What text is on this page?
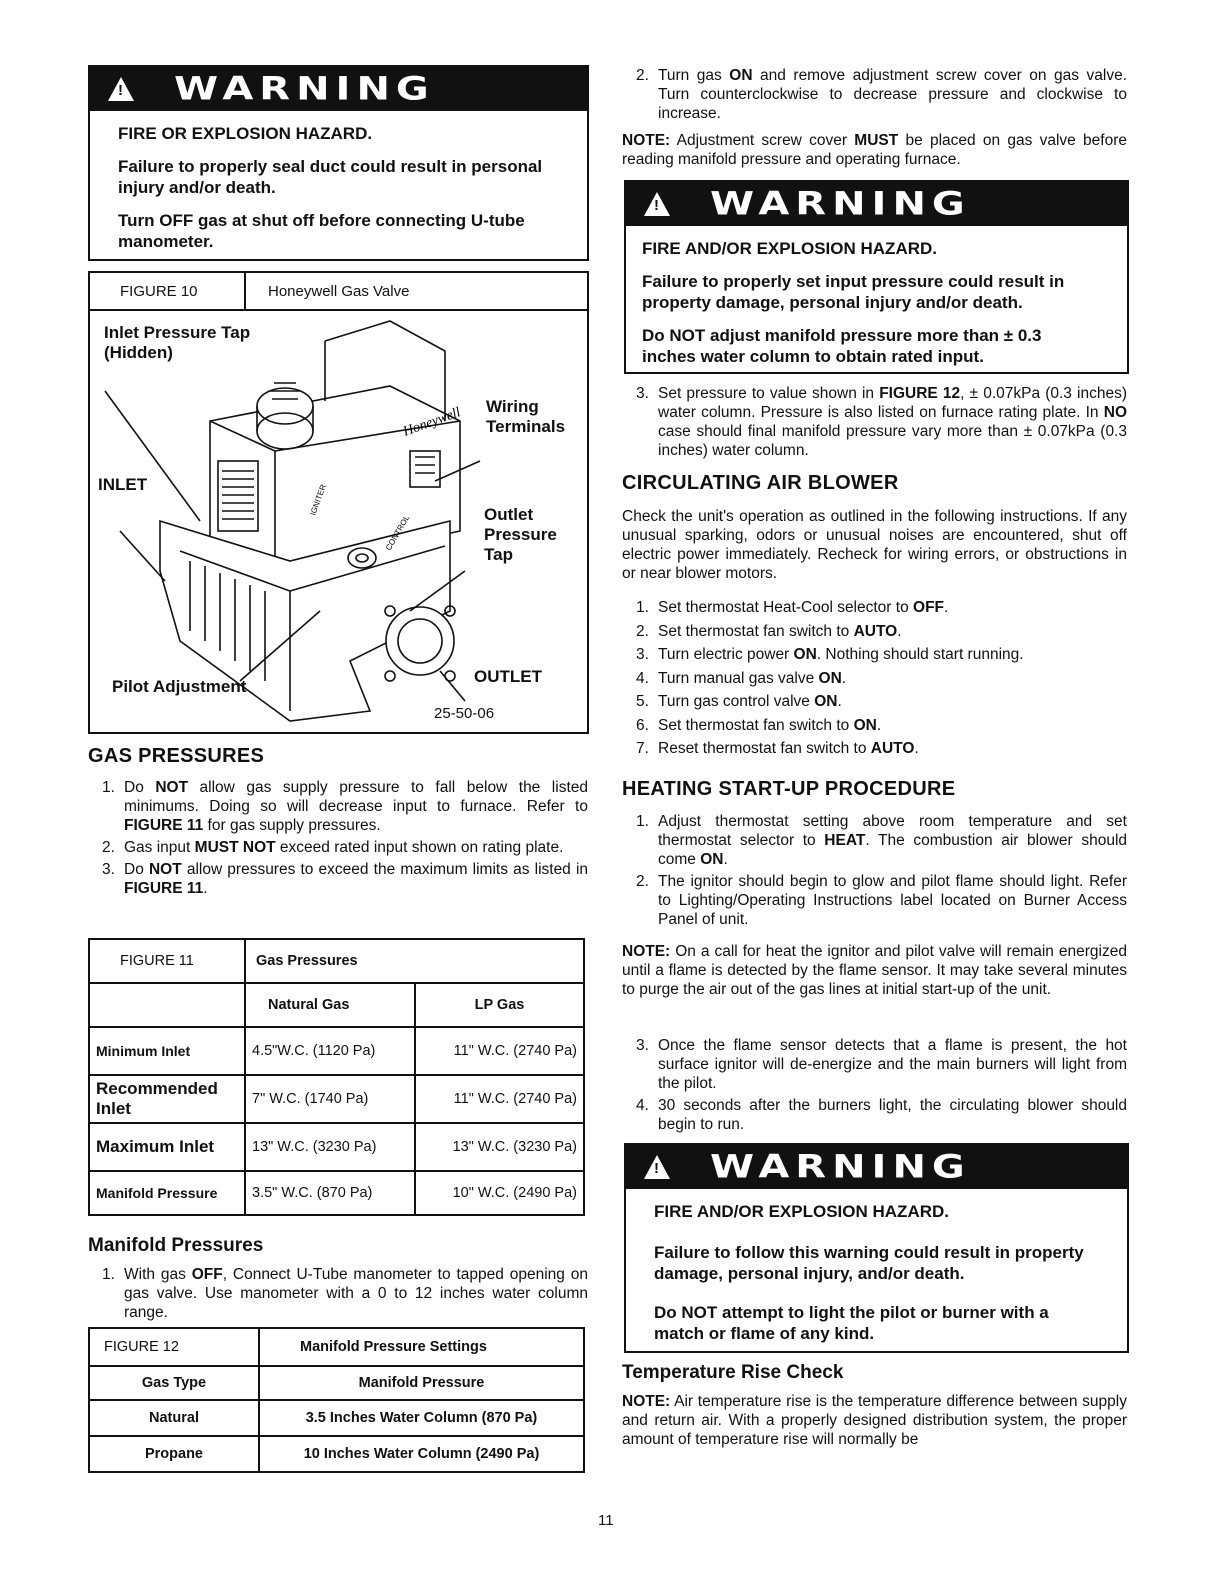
! WARNING

FIRE OR EXPLOSION HAZARD.

Failure to properly seal duct could result in personal injury and/or death.

Turn OFF gas at shut off before connecting U-tube manometer.

FIGURE 10	Honeywell Gas Valve
Honeywell
IGNITER
CONTROL
Inlet Pressure Tap (Hidden)
Wiring Terminals
INLET
Outlet Pressure Tap
OUTLET
Pilot Adjustment
25-50-06
GAS PRESSURES
1. Do NOT allow gas supply pressure to fall below the listed minimums. Doing so will decrease input to furnace. Refer to FIGURE 11 for gas supply pressures.
2. Gas input MUST NOT exceed rated input shown on rating plate.
3. Do NOT allow pressures to exceed the maximum limits as listed in FIGURE 11.
FIGURE 11	Gas Pressures	
	Natural Gas	LP Gas
Minimum Inlet	4.5"W.C. (1120 Pa)	11" W.C. (2740 Pa)
Recommended Inlet	7" W.C. (1740 Pa)	11" W.C. (2740 Pa)
Maximum Inlet	13" W.C. (3230 Pa)	13" W.C. (3230 Pa)
Manifold Pressure	3.5" W.C. (870 Pa)	10" W.C. (2490 Pa)
Manifold Pressures
1. With gas OFF, Connect U-Tube manometer to tapped opening on gas valve. Use manometer with a 0 to 12 inches water column range.
FIGURE 12	Manifold Pressure Settings
Gas Type	Manifold Pressure
Natural	3.5 Inches Water Column (870 Pa)
Propane	10 Inches Water Column (2490 Pa)
2. Turn gas ON and remove adjustment screw cover on gas valve. Turn counterclockwise to decrease pressure and clockwise to increase.
NOTE: Adjustment screw cover MUST be placed on gas valve before reading manifold pressure and operating furnace.
! WARNING

FIRE AND/OR EXPLOSION HAZARD.

Failure to properly set input pressure could result in property damage, personal injury and/or death.

Do NOT adjust manifold pressure more than ± 0.3 inches water column to obtain rated input.

3. Set pressure to value shown in FIGURE 12, ± 0.07kPa (0.3 inches) water column. Pressure is also listed on furnace rating plate. In NO case should final manifold pressure vary more than ± 0.07kPa (0.3 inches) water column.
CIRCULATING AIR BLOWER
Check the unit's operation as outlined in the following instructions. If any unusual sparking, odors or unusual noises are encountered, shut off electric power immediately. Recheck for wiring errors, or obstructions in or near blower motors.
1. Set thermostat Heat-Cool selector to OFF.
2. Set thermostat fan switch to AUTO.
3. Turn electric power ON. Nothing should start running.
4. Turn manual gas valve ON.
5. Turn gas control valve ON.
6. Set thermostat fan switch to ON.
7. Reset thermostat fan switch to AUTO.
HEATING START-UP PROCEDURE
1. Adjust thermostat setting above room temperature and set thermostat selector to HEAT. The combustion air blower should come ON.
2. The ignitor should begin to glow and pilot flame should light. Refer to Lighting/Operating Instructions label located on Burner Access Panel of unit.
NOTE: On a call for heat the ignitor and pilot valve will remain energized until a flame is detected by the flame sensor. It may take several minutes to purge the air out of the gas lines at initial start-up of the unit.
3. Once the flame sensor detects that a flame is present, the hot surface ignitor will de-energize and the main burners will light from the pilot.
4. 30 seconds after the burners light, the circulating blower should begin to run.
! WARNING

FIRE AND/OR EXPLOSION HAZARD.

Failure to follow this warning could result in property damage, personal injury, and/or death.

Do NOT attempt to light the pilot or burner with a match or flame of any kind.

Temperature Rise Check
NOTE: Air temperature rise is the temperature difference between supply and return air. With a properly designed distribution system, the proper amount of temperature rise will normally be
11
